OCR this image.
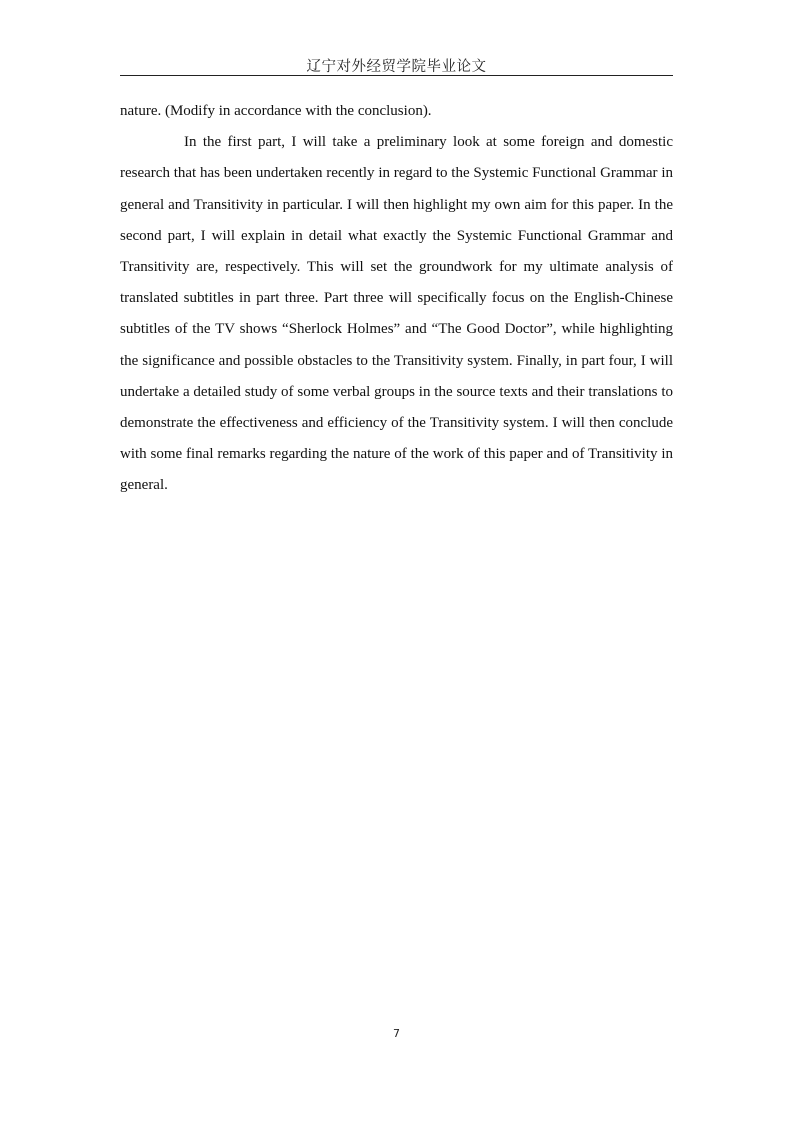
辽宁对外经贸学院毕业论文

nature. (Modify in accordance with the conclusion).

In the first part, I will take a preliminary look at some foreign and domestic research that has been undertaken recently in regard to the Systemic Functional Grammar in general and Transitivity in particular. I will then highlight my own aim for this paper. In the second part, I will explain in detail what exactly the Systemic Functional Grammar and Transitivity are, respectively. This will set the groundwork for my ultimate analysis of translated subtitles in part three. Part three will specifically focus on the English-Chinese subtitles of the TV shows “Sherlock Holmes” and “The Good Doctor”, while highlighting the significance and possible obstacles to the Transitivity system. Finally, in part four, I will undertake a detailed study of some verbal groups in the source texts and their translations to demonstrate the effectiveness and efficiency of the Transitivity system. I will then conclude with some final remarks regarding the nature of the work of this paper and of Transitivity in general.

7
